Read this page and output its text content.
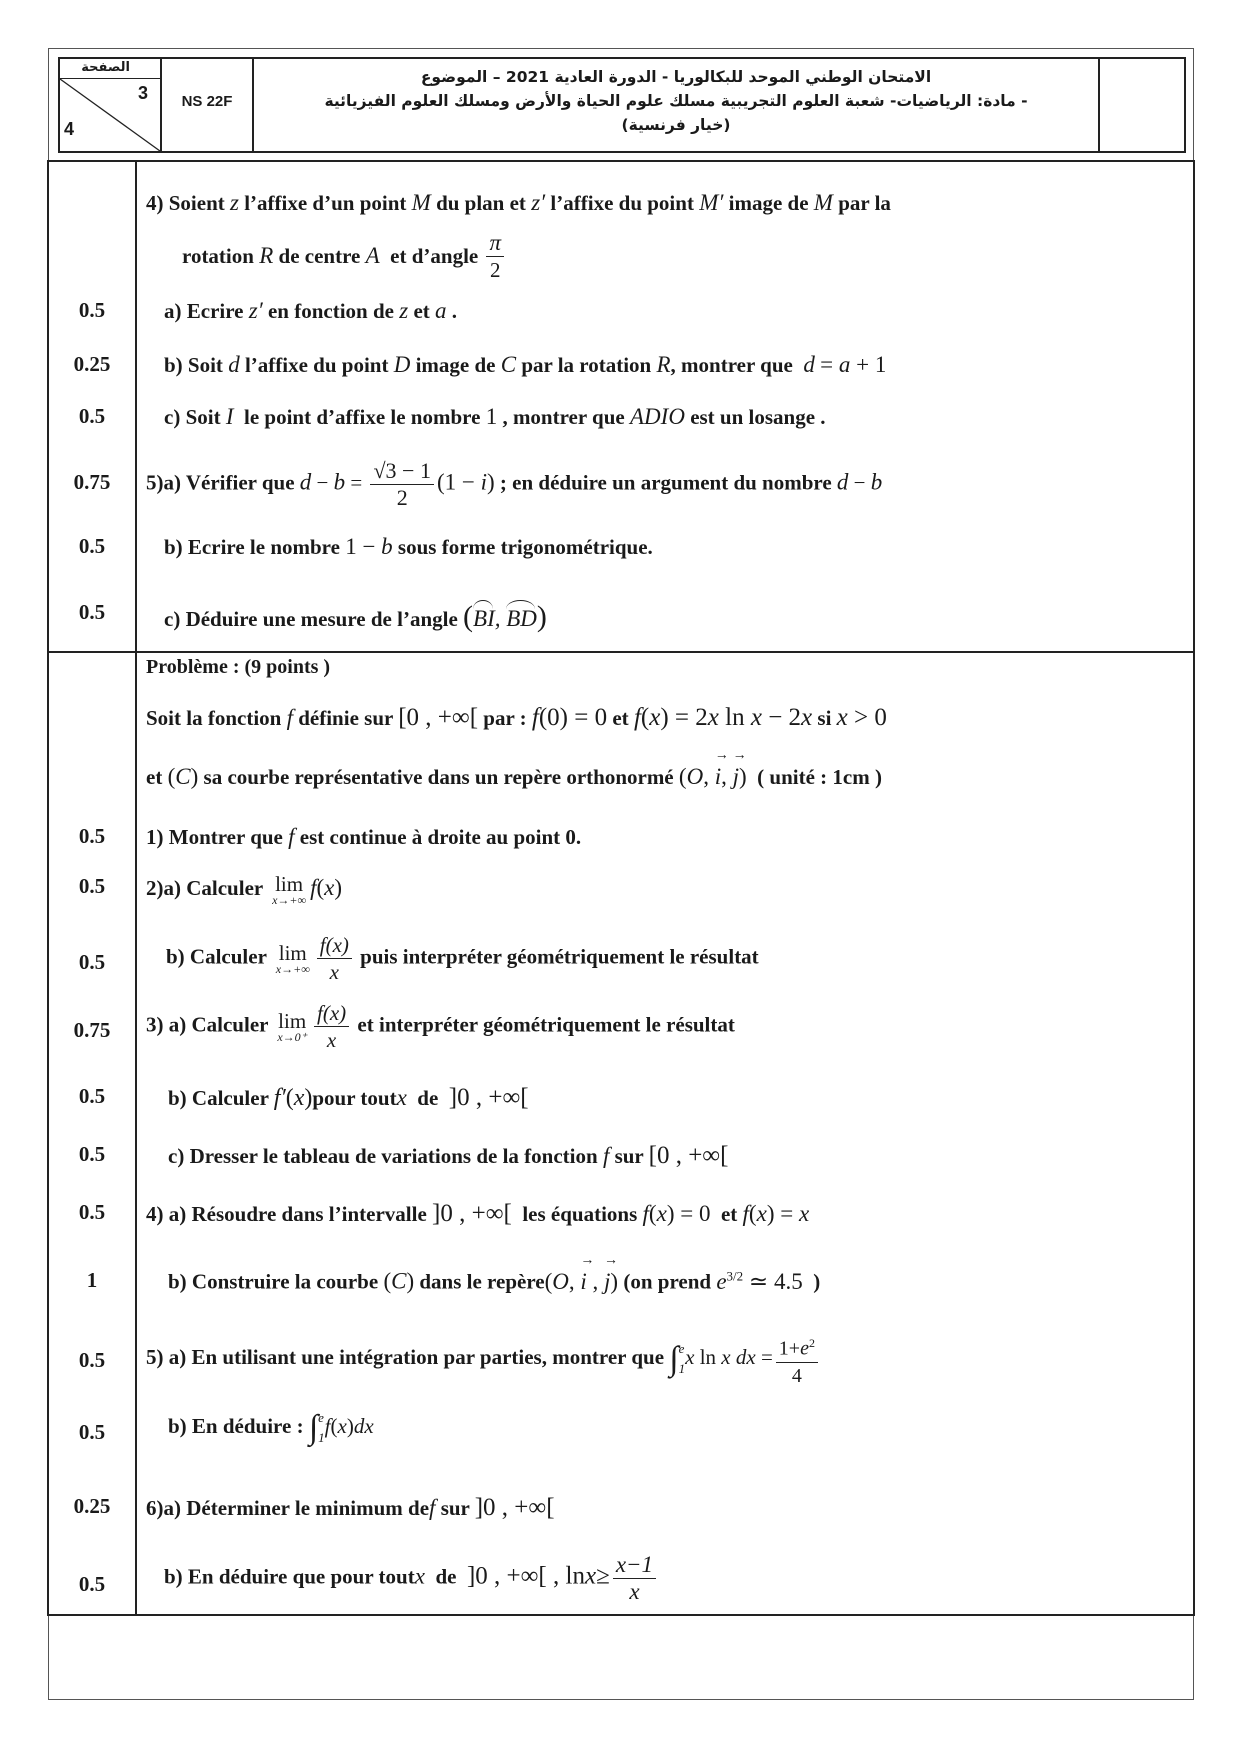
الصفحة
3
4
NS 22F
الامتحان الوطني الموحد للبكالوريا - الدورة العادية 2021 – الموضوع
- مادة: الرياضيات- شعبة العلوم التجريبية مسلك علوم الحياة والأرض ومسلك العلوم الفيزيائية
(خيار فرنسية)
4) Soient z l’affixe d’un point M du plan et z′ l’affixe du point M′ image de M par la
rotation R de centre A et d’angle $\frac{\pi}{2}$
0.5	a) Ecrire z′ en fonction de z et a .
0.25	b) Soit d l’affixe du point D image de C par la rotation R, montrer que d = a + 1
0.5	c) Soit I le point d’affixe le nombre 1 , montrer que ADIO est un losange .
0.75	5)a) Vérifier que $d - b = \frac{√3 - 1}{2} (1 - i)$ ; en déduire un argument du nombre d − b
0.5	b) Ecrire le nombre 1 − b sous forme trigonométrique.
0.5	c) Déduire une mesure de l’angle (BI, BD)
Problème : (9 points )
Soit la fonction f définie sur [0 , +∞[ par : f(0) = 0 et f(x) = 2x ln x − 2x si x > 0
et (C) sa courbe représentative dans un repère orthonormé (O, → i, → j) ( unité : 1cm )
0.5	1) Montrer que f est continue à droite au point 0.
0.5	2)a) Calculer lim
x→+∞
f(x)
0.5	b) Calculer lim
$x\to+\infty \frac{f(x)}{x}$ puis interpréter géométriquement le résultat
0.75	3) a) Calculer lim
$x\to 0^+ \frac{f(x)}{x}$ et interpréter géométriquement le résultat
0.5	b) Calculer f′(x)pour toutx de ]0 , +∞[
0.5	c) Dresser le tableau de variations de la fonction f sur [0 , +∞[
0.5	4) a) Résoudre dans l’intervalle ]0 , +∞[ les équations f(x) = 0 et f(x) = x
1	b) Construire la courbe (C) dans le repère(O, → i , → j) (on prend $e^{3/2}$ ≃ 4.5 )
0.5	5) a) En utilisant une intégration par parties, montrer que ∫e
1x ln x dx = $\frac{1+e^2}{4}$
0.5	b) En déduire : ∫e
1f(x)dx
0.25	6)a) Déterminer le minimum def sur ]0 , +∞[
0.5	b) En déduire que pour toutx de ]0 , +∞[ , $\ln x\ge \frac{x-1}{x}$
